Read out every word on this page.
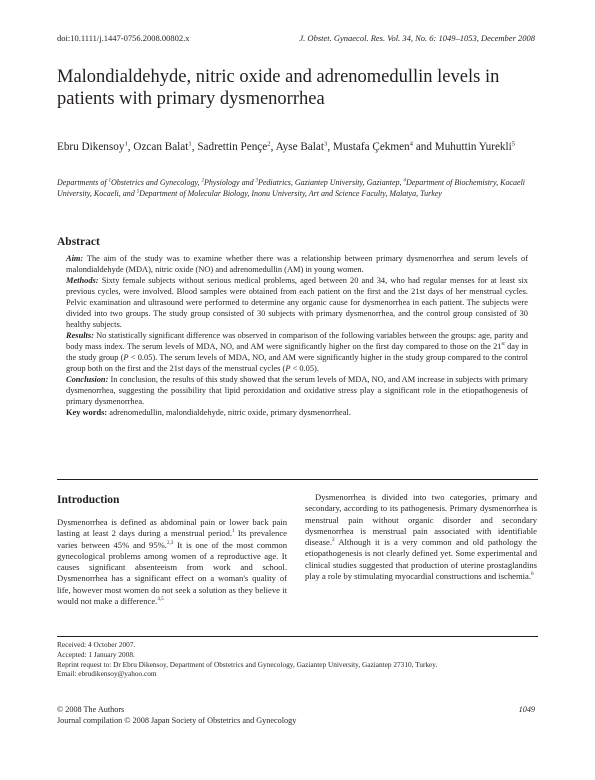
doi:10.1111/j.1447-0756.2008.00802.x	J. Obstet. Gynaecol. Res. Vol. 34, No. 6: 1049–1053, December 2008
Malondialdehyde, nitric oxide and adrenomedullin levels in patients with primary dysmenorrhea
Ebru Dikensoy$^1$, Ozcan Balat$^1$, Sadrettin Pençe$^2$, Ayse Balat$^3$, Mustafa Çekmen$^4$ and Muhuttin Yurekli$^5$
Departments of $^1$Obstetrics and Gynecology, $^2$Physiology and $^3$Pediatrics, Gaziantep University, Gaziantep, $^4$Department of Biochemistry, Kocaeli University, Kocaeli, and $^5$Department of Molecular Biology, Inonu University, Art and Science Faculty, Malatya, Turkey
Abstract

Aim: The aim of the study was to examine whether there was a relationship between primary dysmenorrhea and serum levels of malondialdehyde (MDA), nitric oxide (NO) and adrenomedullin (AM) in young women.

Methods: Sixty female subjects without serious medical problems, aged between 20 and 34, who had regular menses for at least six previous cycles, were involved. Blood samples were obtained from each patient on the first and the 21st days of her menstrual cycles. Pelvic examination and ultrasound were performed to determine any organic cause for dysmenorrhea in each patient. The subjects were divided into two groups. The study group consisted of 30 subjects with primary dysmenorrhea, and the control group consisted of 30 healthy subjects.

Results: No statistically significant difference was observed in comparison of the following variables between the groups: age, parity and body mass index. The serum levels of MDA, NO, and AM were significantly higher on the first day compared to those on the 21st day in the study group (P < 0.05). The serum levels of MDA, NO, and AM were significantly higher in the study group compared to the control group both on the first and the 21st days of the menstrual cycles (P < 0.05).

Conclusion: In conclusion, the results of this study showed that the serum levels of MDA, NO, and AM increase in subjects with primary dysmenorrhea, suggesting the possibility that lipid peroxidation and oxidative stress play a significant role in the etiopathogenesis of primary dysmenorrhea.

Key words: adrenomedullin, malondialdehyde, nitric oxide, primary dysmenorrheal.

Introduction

Dysmenorrhea is defined as abdominal pain or lower back pain lasting at least 2 days during a menstrual period.$^1$ Its prevalence varies between 45% and 95%.$^{2,3}$ It is one of the most common gynecological problems among women of a reproductive age. It causes significant absenteeism from work and school. Dysmenorrhea has a significant effect on a woman's quality of life, however most women do not seek a solution as they believe it would not make a difference.$^{4,5}$

Dysmenorrhea is divided into two categories, primary and secondary, according to its pathogenesis. Primary dysmenorrhea is menstrual pain without organic disorder and secondary dysmenorrhea is menstrual pain associated with identifiable disease.$^2$ Although it is a very common and old pathology the etiopathogenesis is not clearly defined yet. Some experimental and clinical studies suggested that production of uterine prostaglandins play a role by stimulating myocardial constructions and ischemia.$^6$

Received: 4 October 2007.
Accepted: 1 January 2008.
Reprint request to: Dr Ebru Dikensoy, Department of Obstetrics and Gynecology, Gaziantep University, Gaziantep 27310, Turkey.
Email: ebrudikensoy@yahoo.com
© 2008 The Authors
Journal compilation © 2008 Japan Society of Obstetrics and Gynecology
1049
